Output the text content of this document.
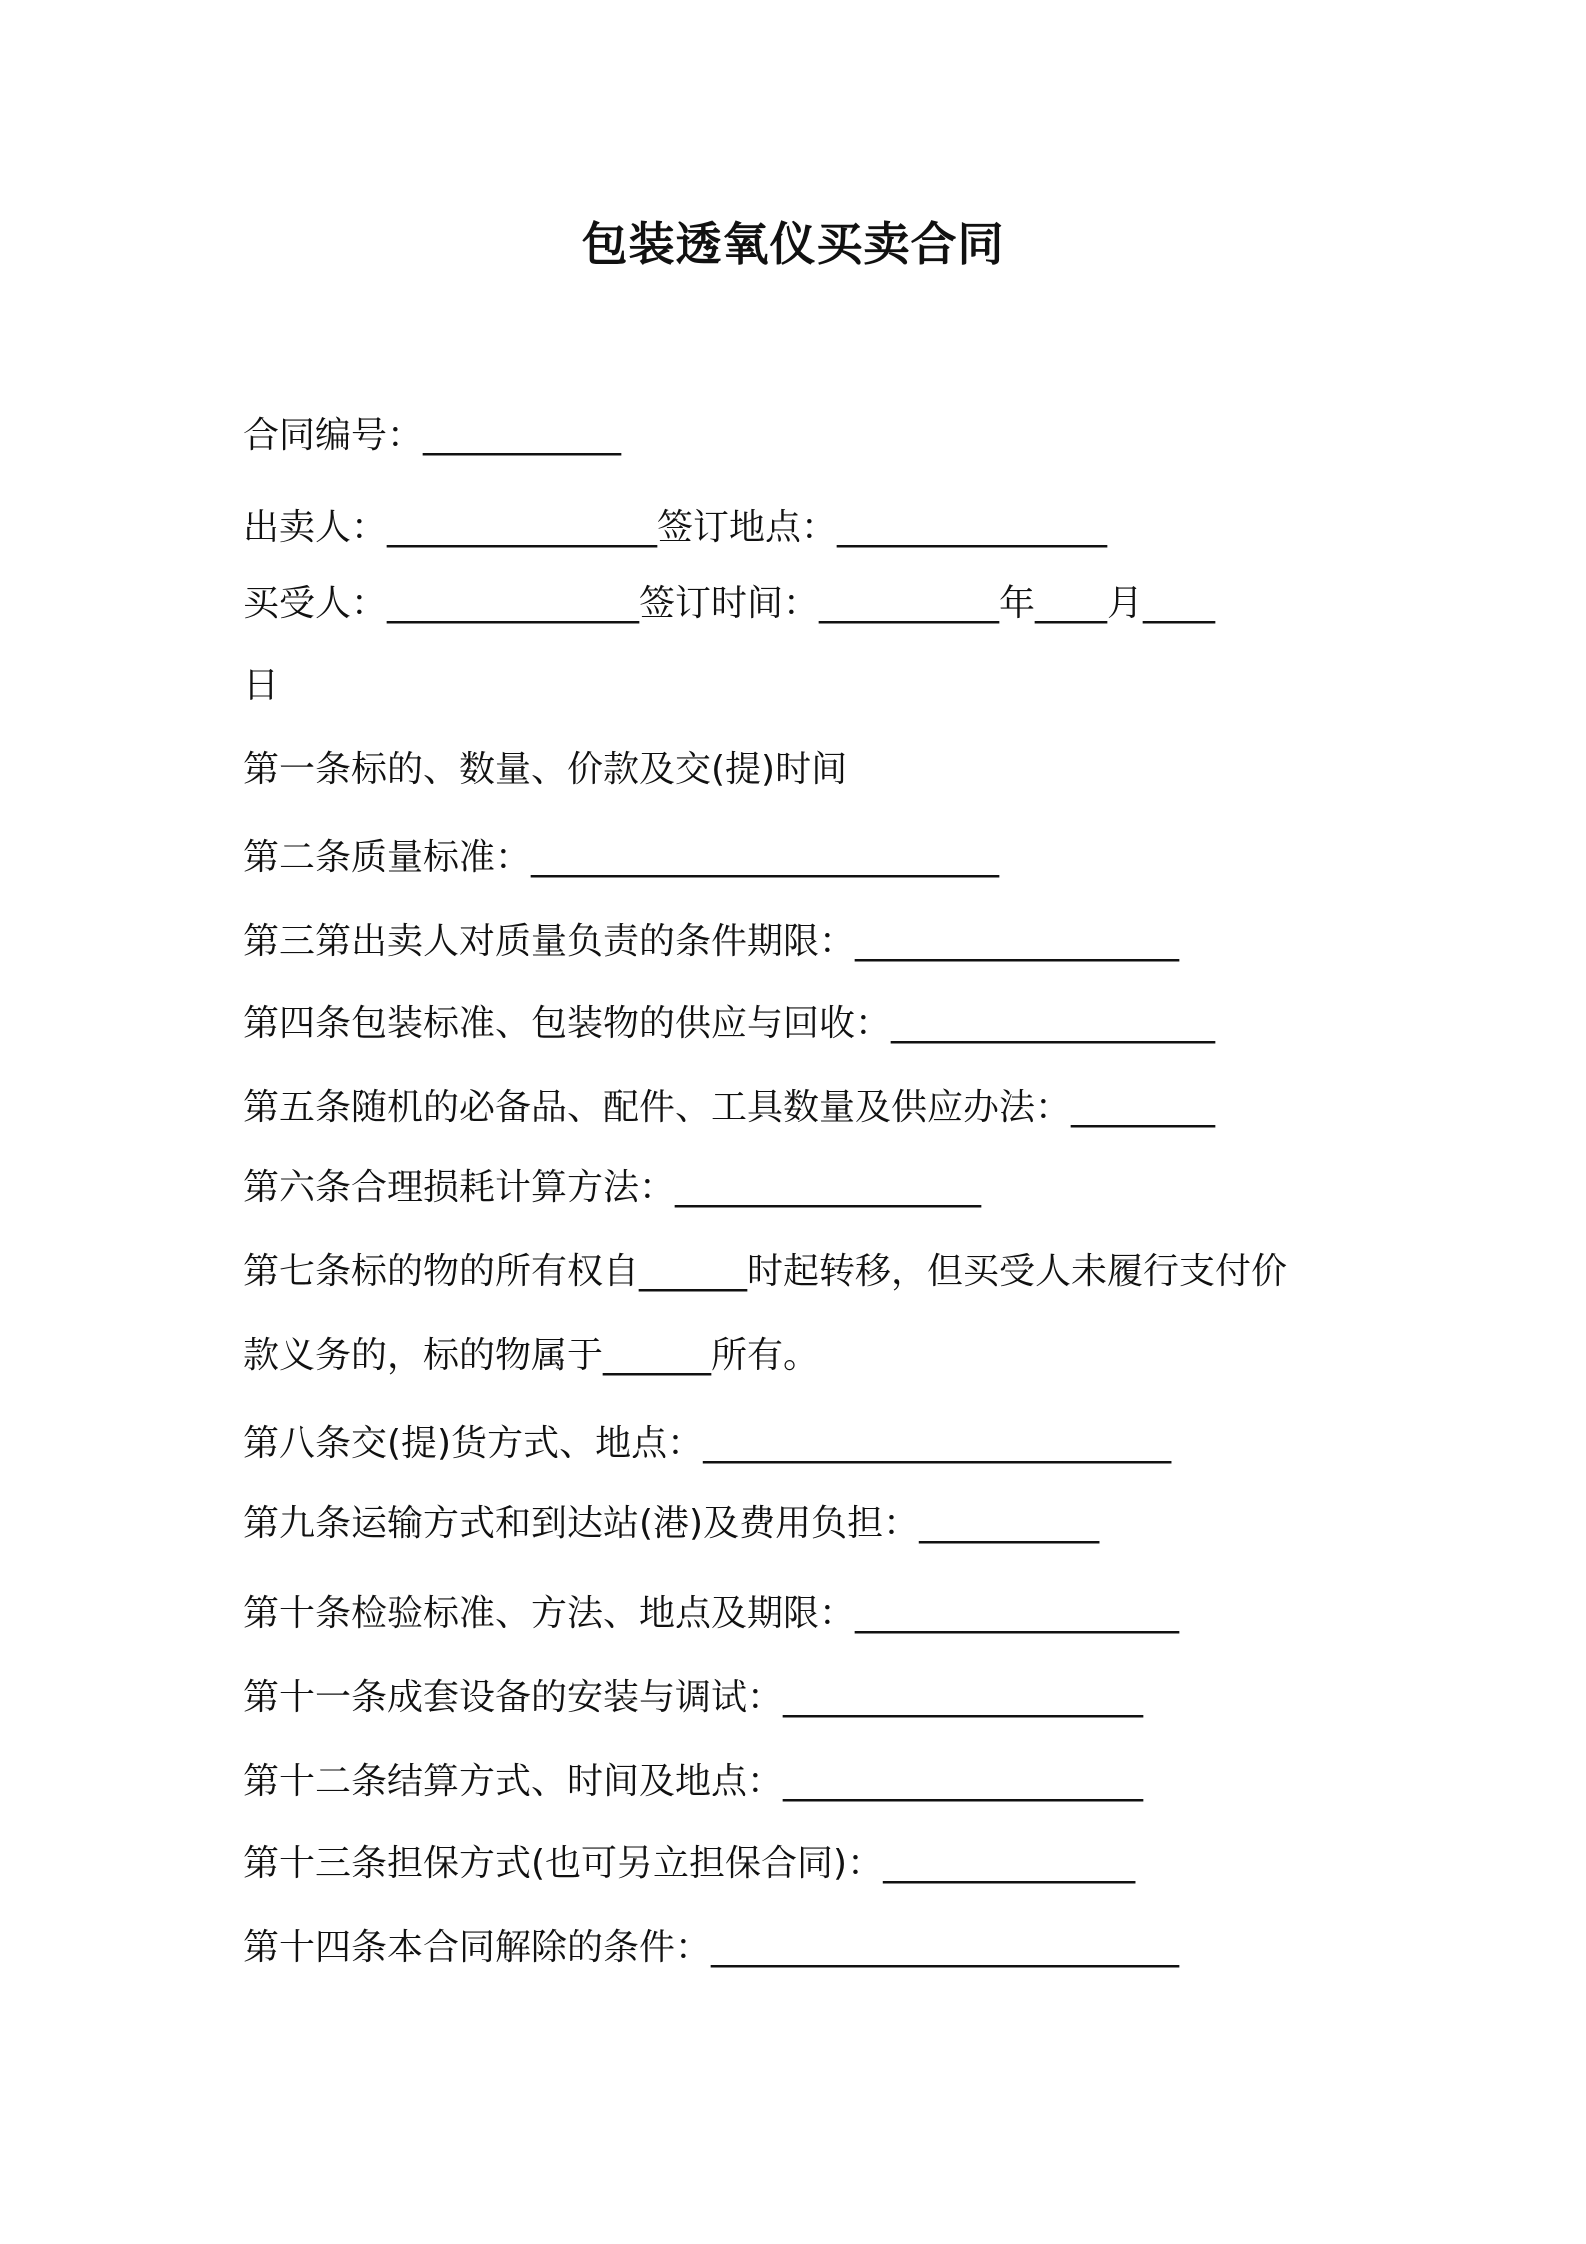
包装透氧仪买卖合同
合同编号：___________
出卖人：_______________签订地点：_______________
买受人：______________签订时间：__________年____月____
日
第一条标的、数量、价款及交(提)时间
第二条质量标准：__________________________
第三第出卖人对质量负责的条件期限：__________________
第四条包装标准、包装物的供应与回收：__________________
第五条随机的必备品、配件、工具数量及供应办法：________
第六条合理损耗计算方法：_________________
第七条标的物的所有权自______时起转移，但买受人未履行支付价
款义务的，标的物属于______所有。
第八条交(提)货方式、地点：__________________________
第九条运输方式和到达站(港)及费用负担：__________
第十条检验标准、方法、地点及期限：__________________
第十一条成套设备的安装与调试：____________________
第十二条结算方式、时间及地点：____________________
第十三条担保方式(也可另立担保合同)：______________
第十四条本合同解除的条件：__________________________
